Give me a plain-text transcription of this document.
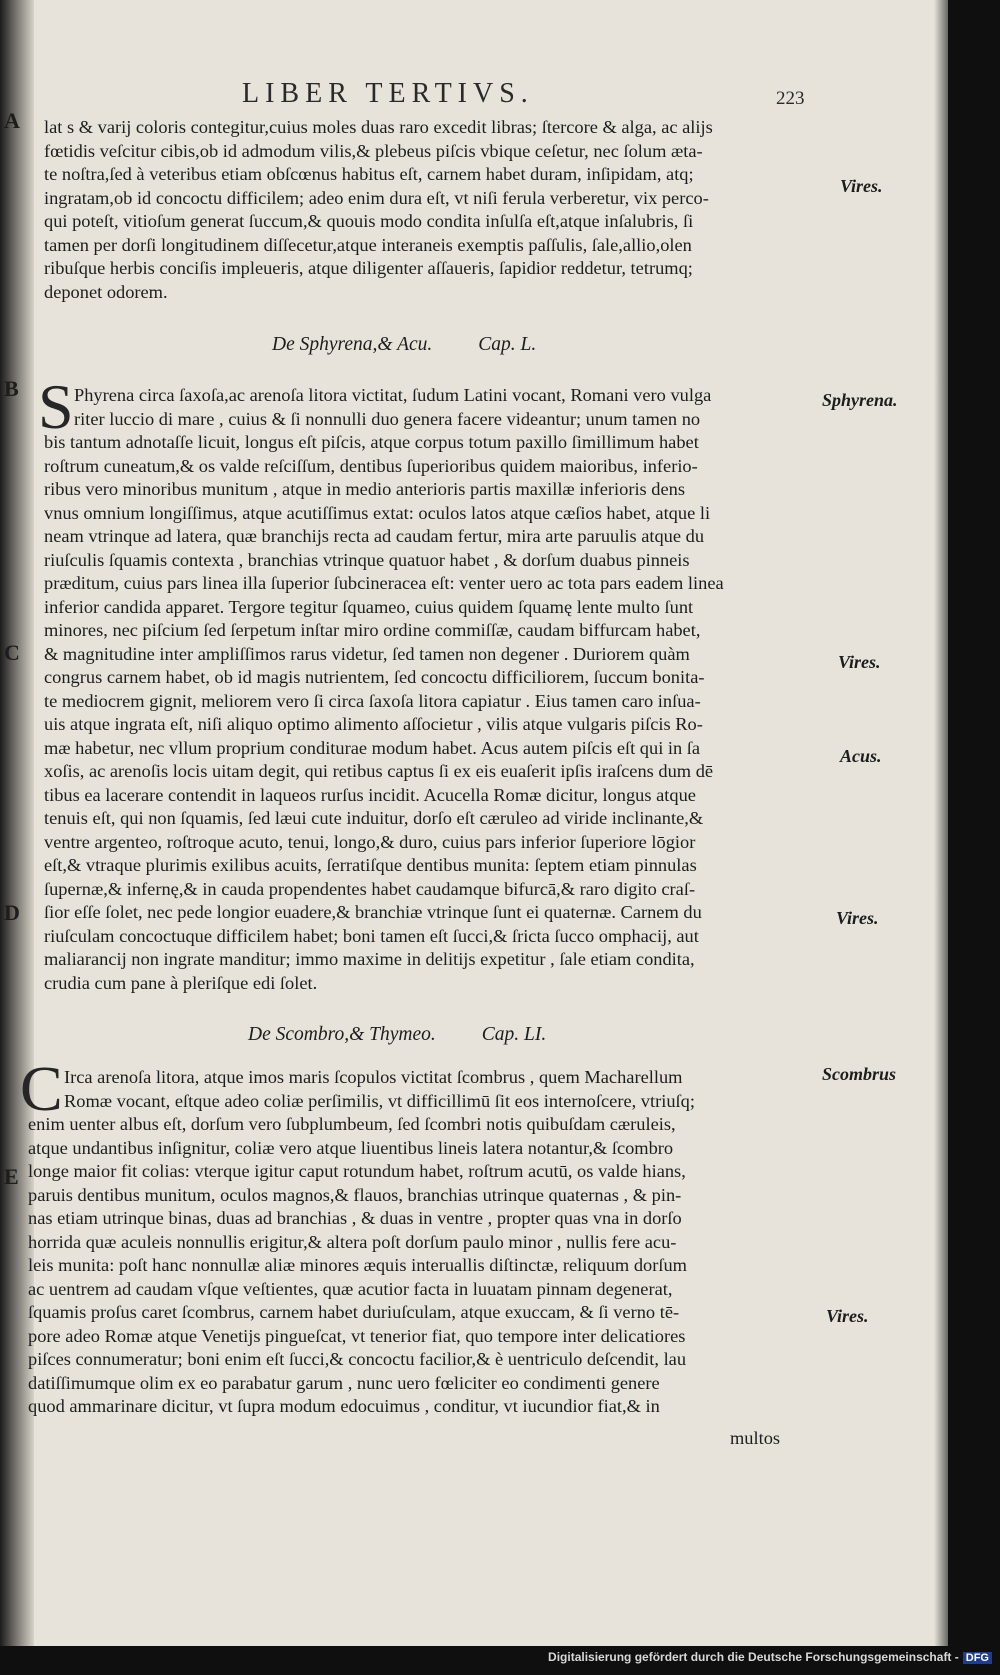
LIBER TERTIVS.	223
A
B
C
D
E
lat s & varij coloris contegitur,cuius moles duas raro excedit libras; ſtercore & alga, ac alijs
fœtidis veſcitur cibis,ob id admodum vilis,& plebeus piſcis vbique ceſetur, nec ſolum æta-
te noſtra,ſed à veteribus etiam obſcœnus habitus eſt, carnem habet duram, inſipidam, atq;
ingratam,ob id concoctu difficilem; adeo enim dura eſt, vt niſi ferula verberetur, vix perco-
qui poteſt, vitioſum generat ſuccum,& quouis modo condita inſulſa eſt,atque inſalubris, ſi
tamen per dorſi longitudinem diſſecetur,atque interaneis exemptis paſſulis, ſale,allio,olen
ribuſque herbis conciſis impleueris, atque diligenter aſſaueris, ſapidior reddetur, tetrumq;
deponet odorem.
De Sphyrena,& Acu. Cap. L.
S Phyrena circa ſaxoſa,ac arenoſa litora victitat, ſudum Latini vocant, Romani vero vulga
riter luccio di mare , cuius & ſi nonnulli duo genera facere videantur; unum tamen no
bis tantum adnotaſſe licuit, longus eſt piſcis, atque corpus totum paxillo ſimillimum habet
roſtrum cuneatum,& os valde reſciſſum, dentibus ſuperioribus quidem maioribus, inferio-
ribus vero minoribus munitum , atque in medio anterioris partis maxillæ inferioris dens
vnus omnium longiſſimus, atque acutiſſimus extat: oculos latos atque cæſios habet, atque li
neam vtrinque ad latera, quæ branchijs recta ad caudam fertur, mira arte paruulis atque du
riuſculis ſquamis contexta , branchias vtrinque quatuor habet , & dorſum duabus pinneis
præditum, cuius pars linea illa ſuperior ſubcineracea eſt: venter uero ac tota pars eadem linea
inferior candida apparet. Tergore tegitur ſquameo, cuius quidem ſquamę lente multo ſunt
minores, nec piſcium ſed ſerpetum inſtar miro ordine commiſſæ, caudam biffurcam habet,
& magnitudine inter ampliſſimos rarus videtur, ſed tamen non degener . Duriorem quàm
congrus carnem habet, ob id magis nutrientem, ſed concoctu difficiliorem, ſuccum bonita-
te mediocrem gignit, meliorem vero ſi circa ſaxoſa litora capiatur . Eius tamen caro inſua-
uis atque ingrata eſt, niſi aliquo optimo alimento aſſocietur , vilis atque vulgaris piſcis Ro-
mæ habetur, nec vllum proprium conditurae modum habet. Acus autem piſcis eſt qui in ſa
xoſis, ac arenoſis locis uitam degit, qui retibus captus ſi ex eis euaſerit ipſis iraſcens dum dē
tibus ea lacerare contendit in laqueos rurſus incidit. Acucella Romæ dicitur, longus atque
tenuis eſt, qui non ſquamis, ſed læui cute induitur, dorſo eſt cæruleo ad viride inclinante,&
ventre argenteo, roſtroque acuto, tenui, longo,& duro, cuius pars inferior ſuperiore lōgior
eſt,& vtraque plurimis exilibus acuits, ſerratiſque dentibus munita: ſeptem etiam pinnulas
ſupernæ,& infernę,& in cauda propendentes habet caudamque bifurcā,& raro digito craſ-
ſior eſſe ſolet, nec pede longior euadere,& branchiæ vtrinque ſunt ei quaternæ. Carnem du
riuſculam concoctuque difficilem habet; boni tamen eſt ſucci,& ſricta ſucco omphacij, aut
maliarancij non ingrate manditur; immo maxime in delitijs expetitur , ſale etiam condita,
crudia cum pane à pleriſque edi ſolet.
De Scombro,& Thymeo. Cap. LI.
C Irca arenoſa litora, atque imos maris ſcopulos victitat ſcombrus , quem Macharellum
Romæ vocant, eſtque adeo coliæ perſimilis, vt difficillimū ſit eos internoſcere, vtriuſq;
enim uenter albus eſt, dorſum vero ſubplumbeum, ſed ſcombri notis quibuſdam cæruleis,
atque undantibus inſignitur, coliæ vero atque liuentibus lineis latera notantur,& ſcombro
longe maior fit colias: vterque igitur caput rotundum habet, roſtrum acutū, os valde hians,
paruis dentibus munitum, oculos magnos,& flauos, branchias utrinque quaternas , & pin-
nas etiam utrinque binas, duas ad branchias , & duas in ventre , propter quas vna in dorſo
horrida quæ aculeis nonnullis erigitur,& altera poſt dorſum paulo minor , nullis fere acu-
leis munita: poſt hanc nonnullæ aliæ minores æquis interuallis diſtinctæ, reliquum dorſum
ac uentrem ad caudam vſque veſtientes, quæ acutior facta in luuatam pinnam degenerat,
ſquamis proſus caret ſcombrus, carnem habet duriuſculam, atque exuccam, & ſi verno tē-
pore adeo Romæ atque Venetijs pingueſcat, vt tenerior fiat, quo tempore inter delicatiores
piſces connumeratur; boni enim eſt ſucci,& concoctu facilior,& è uentriculo deſcendit, lau
datiſſimumque olim ex eo parabatur garum , nunc uero fœliciter eo condimenti genere
quod ammarinare dicitur, vt ſupra modum edocuimus , conditur, vt iucundior fiat,& in
multos
Vires.
Sphyrena.
Vires.
Acus.
Vires.
Scombrus
Vires.
Digitalisierung gefördert durch die Deutsche Forschungsgemeinschaft - DFG
